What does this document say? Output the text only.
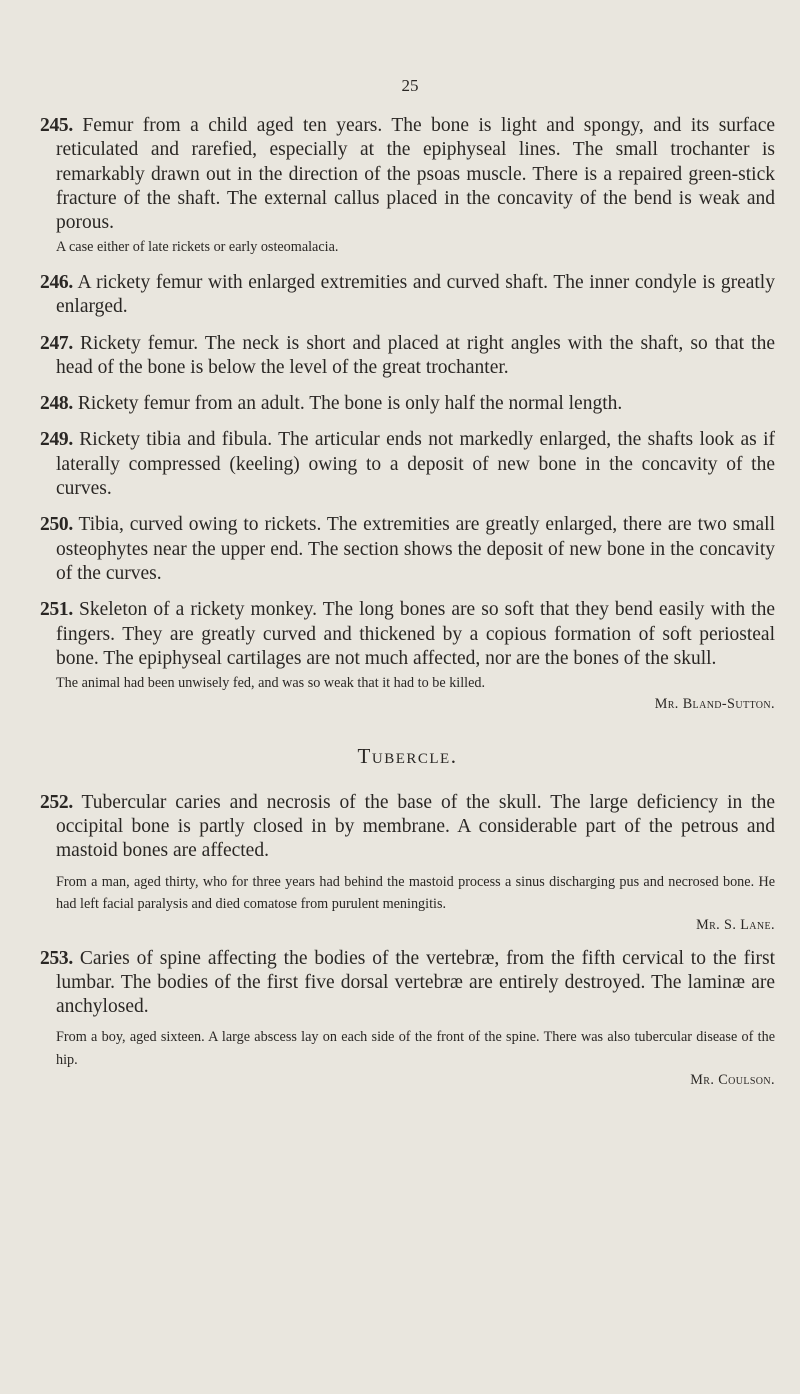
25

245. Femur from a child aged ten years. The bone is light and spongy, and its surface reticulated and rarefied, especially at the epiphyseal lines. The small trochanter is remarkably drawn out in the direction of the psoas muscle. There is a repaired green-stick fracture of the shaft. The external callus placed in the concavity of the bend is weak and porous.

A case either of late rickets or early osteomalacia.

246. A rickety femur with enlarged extremities and curved shaft. The inner condyle is greatly enlarged.

247. Rickety femur. The neck is short and placed at right angles with the shaft, so that the head of the bone is below the level of the great trochanter.

248. Rickety femur from an adult. The bone is only half the normal length.

249. Rickety tibia and fibula. The articular ends not markedly enlarged, the shafts look as if laterally compressed (keeling) owing to a deposit of new bone in the concavity of the curves.

250. Tibia, curved owing to rickets. The extremities are greatly enlarged, there are two small osteophytes near the upper end. The section shows the deposit of new bone in the concavity of the curves.

251. Skeleton of a rickety monkey. The long bones are so soft that they bend easily with the fingers. They are greatly curved and thickened by a copious formation of soft periosteal bone. The epiphyseal cartilages are not much affected, nor are the bones of the skull.

The animal had been unwisely fed, and was so weak that it had to be killed.

Mr. Bland-Sutton.

Tubercle.

252. Tubercular caries and necrosis of the base of the skull. The large deficiency in the occipital bone is partly closed in by membrane. A considerable part of the petrous and mastoid bones are affected.

From a man, aged thirty, who for three years had behind the mastoid process a sinus discharging pus and necrosed bone. He had left facial paralysis and died comatose from purulent meningitis.

Mr. S. Lane.

253. Caries of spine affecting the bodies of the vertebræ, from the fifth cervical to the first lumbar. The bodies of the first five dorsal vertebræ are entirely destroyed. The laminæ are anchylosed.

From a boy, aged sixteen. A large abscess lay on each side of the front of the spine. There was also tubercular disease of the hip.

Mr. Coulson.
